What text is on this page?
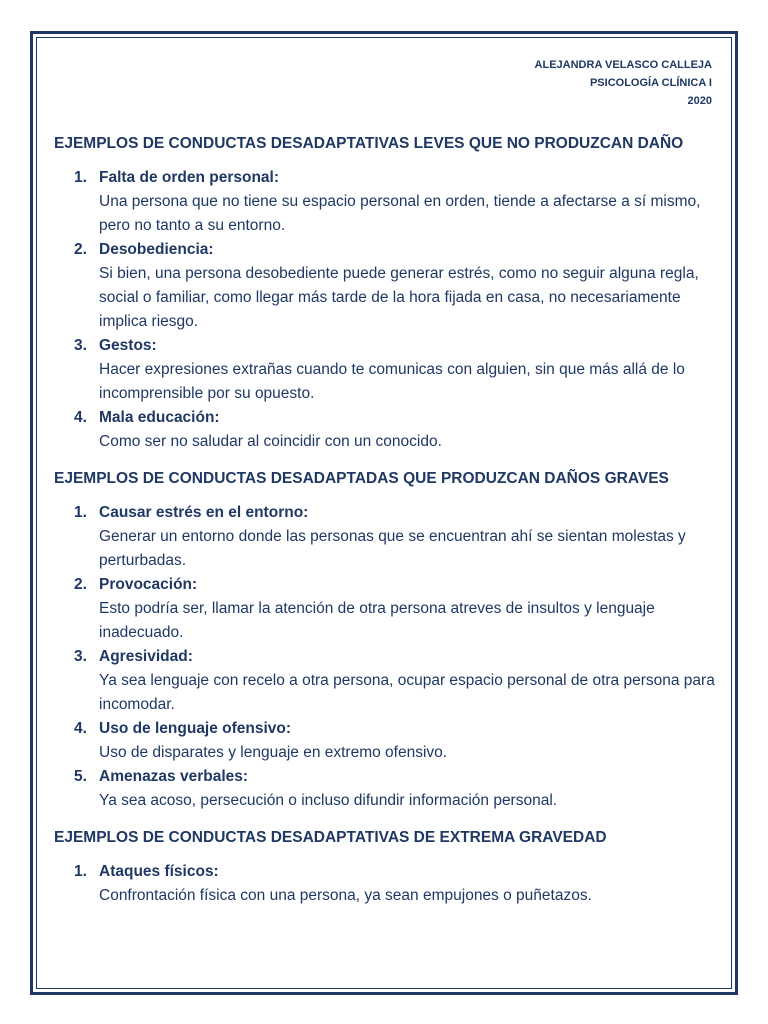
ALEJANDRA VELASCO CALLEJA
PSICOLOGÍA CLÍNICA I
2020
EJEMPLOS DE CONDUCTAS DESADAPTATIVAS LEVES QUE NO PRODUZCAN DAÑO
1. Falta de orden personal:
Una persona que no tiene su espacio personal en orden, tiende a afectarse a sí mismo, pero no tanto a su entorno.
2. Desobediencia:
Si bien, una persona desobediente puede generar estrés, como no seguir alguna regla, social o familiar, como llegar más tarde de la hora fijada en casa, no necesariamente implica riesgo.
3. Gestos:
Hacer expresiones extrañas cuando te comunicas con alguien, sin que más allá de lo incomprensible por su opuesto.
4. Mala educación:
Como ser no saludar al coincidir con un conocido.
EJEMPLOS DE CONDUCTAS DESADAPTADAS QUE PRODUZCAN DAÑOS GRAVES
1. Causar estrés en el entorno:
Generar un entorno donde las personas que se encuentran ahí se sientan molestas y perturbadas.
2. Provocación:
Esto podría ser, llamar la atención de otra persona atreves de insultos y lenguaje inadecuado.
3. Agresividad:
Ya sea lenguaje con recelo a otra persona, ocupar espacio personal de otra persona para incomodar.
4. Uso de lenguaje ofensivo:
Uso de disparates y lenguaje en extremo ofensivo.
5. Amenazas verbales:
Ya sea acoso, persecución o incluso difundir información personal.
EJEMPLOS DE CONDUCTAS DESADAPTATIVAS DE EXTREMA GRAVEDAD
1. Ataques físicos:
Confrontación física con una persona, ya sean empujones o puñetazos.
